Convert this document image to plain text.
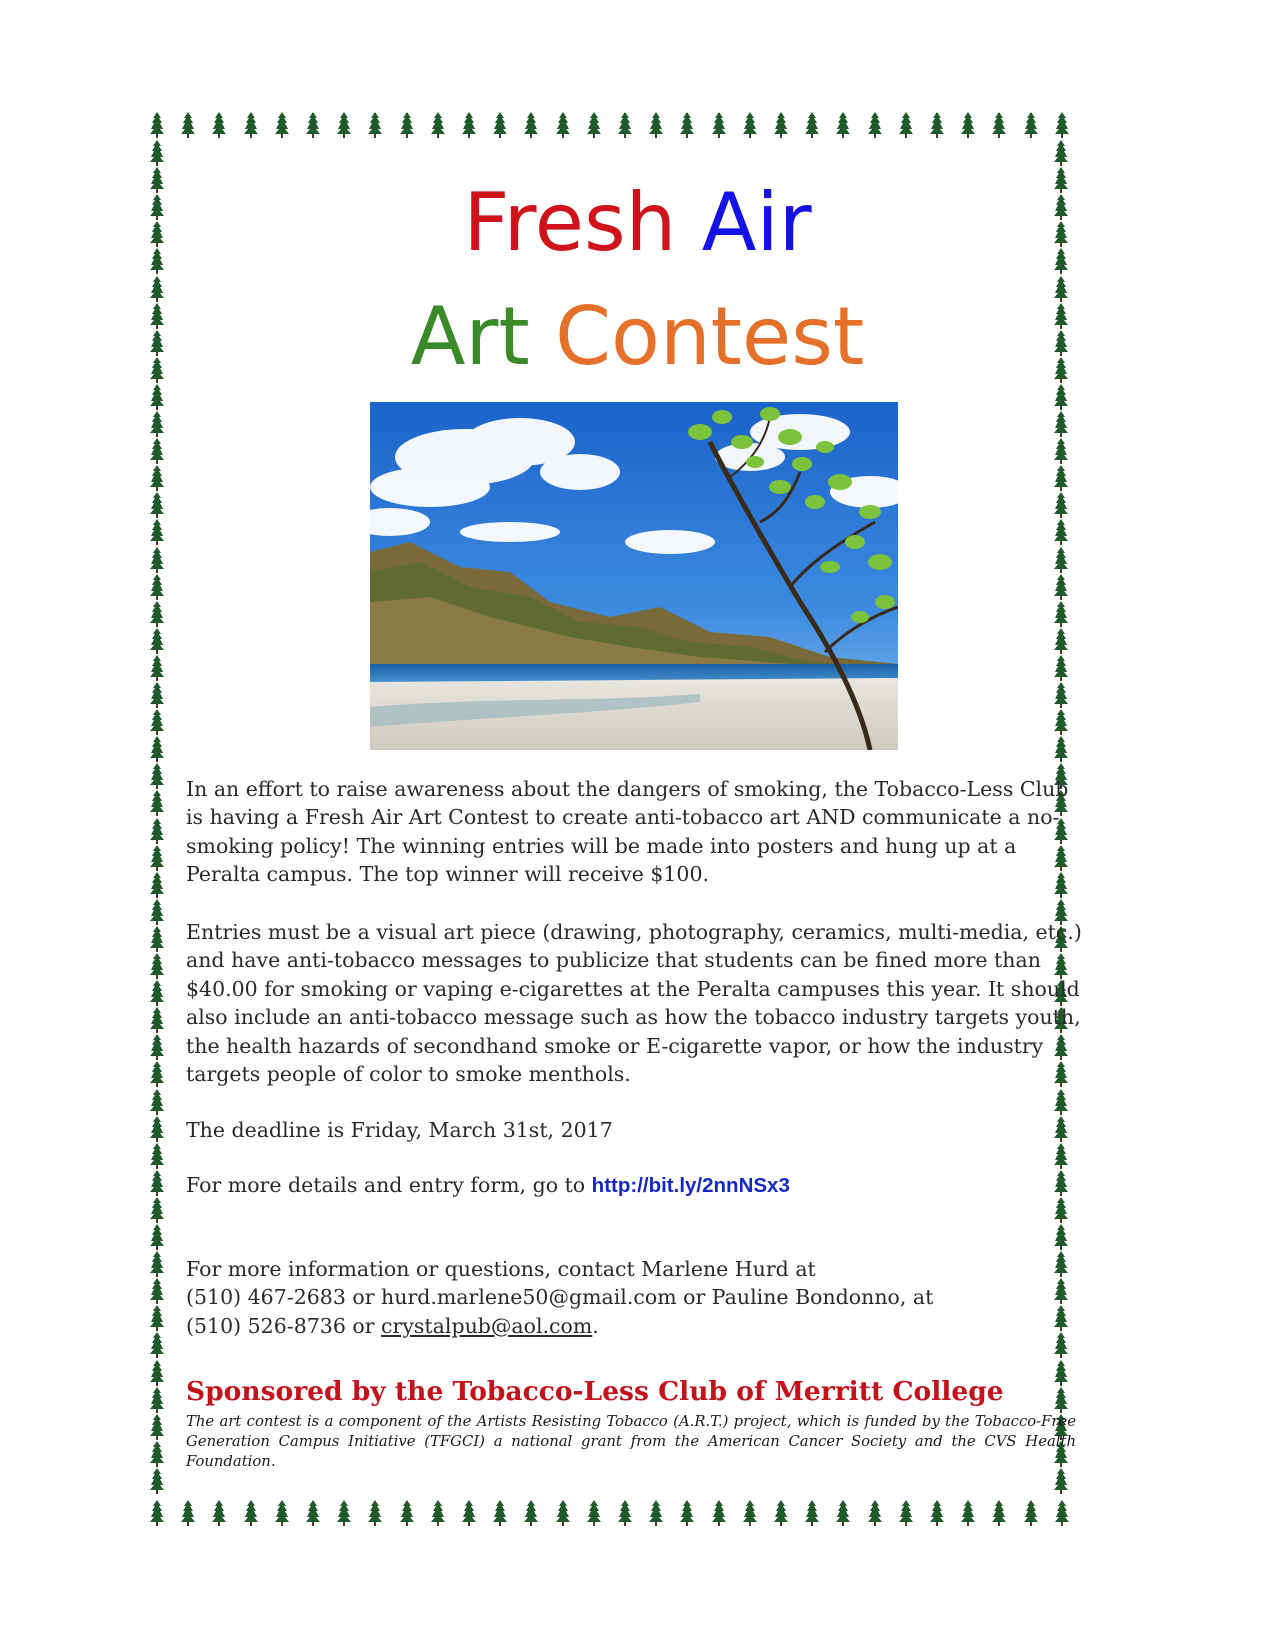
Fresh Air
Art Contest

In an effort to raise awareness about the dangers of smoking, the Tobacco-Less Club is having a Fresh Air Art Contest to create anti-tobacco art AND communicate a no-smoking policy! The winning entries will be made into posters and hung up at a Peralta campus. The top winner will receive $100.

Entries must be a visual art piece (drawing, photography, ceramics, multi-media, etc.) and have anti-tobacco messages to publicize that students can be fined more than $40.00 for smoking or vaping e-cigarettes at the Peralta campuses this year. It should also include an anti-tobacco message such as how the tobacco industry targets youth, the health hazards of secondhand smoke or E-cigarette vapor, or how the industry targets people of color to smoke menthols.

The deadline is Friday, March 31st, 2017

For more details and entry form, go to http://bit.ly/2nnNSx3

For more information or questions, contact Marlene Hurd at

(510) 467-2683 or hurd.marlene50@gmail.com or Pauline Bondonno, at

(510) 526-8736 or crystalpub@aol.com.

Sponsored by the Tobacco-Less Club of Merritt College
The art contest is a component of the Artists Resisting Tobacco (A.R.T.) project, which is funded by the Tobacco-Free Generation Campus Initiative (TFGCI) a national grant from the American Cancer Society and the CVS Health Foundation.
